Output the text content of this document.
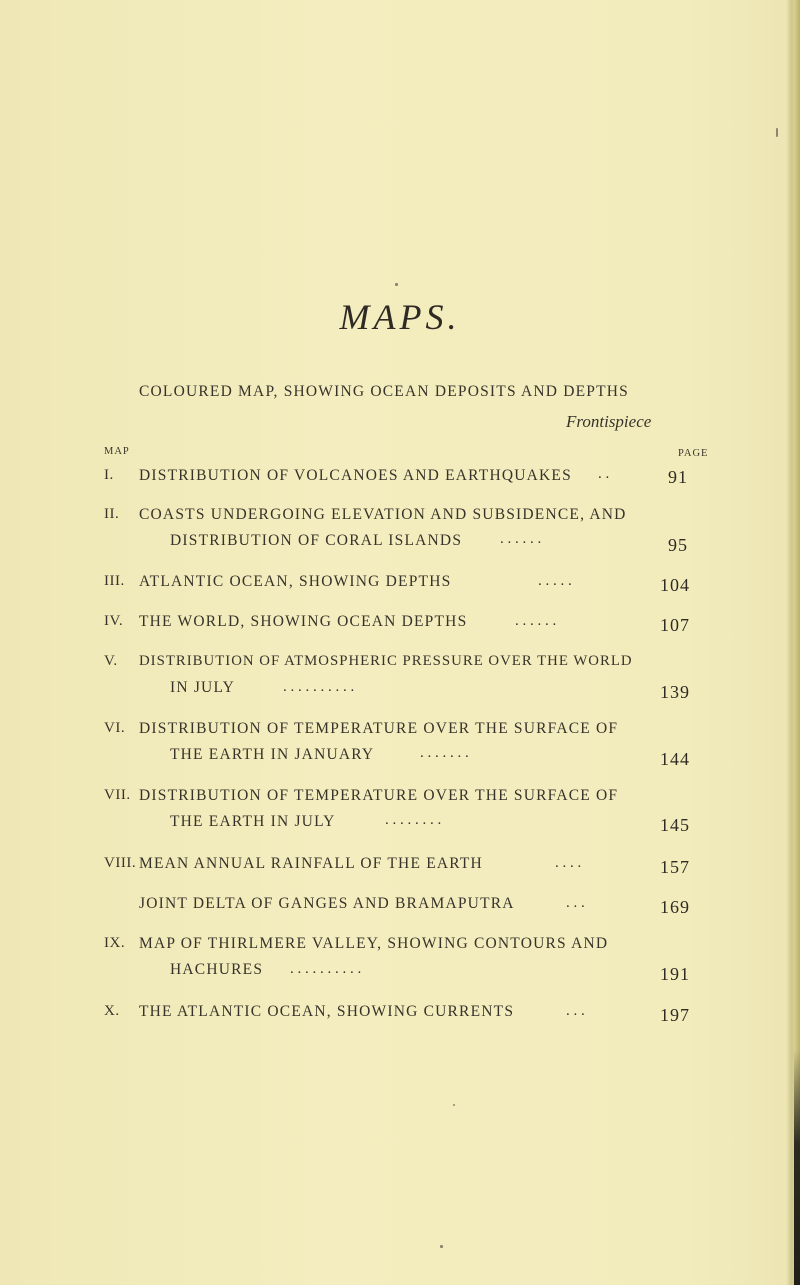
MAPS.
COLOURED MAP, SHOWING OCEAN DEPOSITS AND DEPTHS
Frontispiece
MAP	PAGE
I. DISTRIBUTION OF VOLCANOES AND EARTHQUAKES . .	91
II. COASTS UNDERGOING ELEVATION AND SUBSIDENCE, AND
DISTRIBUTION OF CORAL ISLANDS	. . . . . .	95
III. ATLANTIC OCEAN, SHOWING DEPTHS	. . . . .	104
IV. THE WORLD, SHOWING OCEAN DEPTHS	. . . . . .	107
V. DISTRIBUTION OF ATMOSPHERIC PRESSURE OVER THE WORLD
IN JULY	. . . . . . . . . .	139
VI. DISTRIBUTION OF TEMPERATURE OVER THE SURFACE OF
THE EARTH IN JANUARY	. . . . . . .	144
VII. DISTRIBUTION OF TEMPERATURE OVER THE SURFACE OF
THE EARTH IN JULY	. . . . . . . .	145
VIII. MEAN ANNUAL RAINFALL OF THE EARTH	. . . .	157
JOINT DELTA OF GANGES AND BRAMAPUTRA	. . .	169
IX. MAP OF THIRLMERE VALLEY, SHOWING CONTOURS AND
HACHURES . . . . . . . . . .	191
X. THE ATLANTIC OCEAN, SHOWING CURRENTS	. . .	197
